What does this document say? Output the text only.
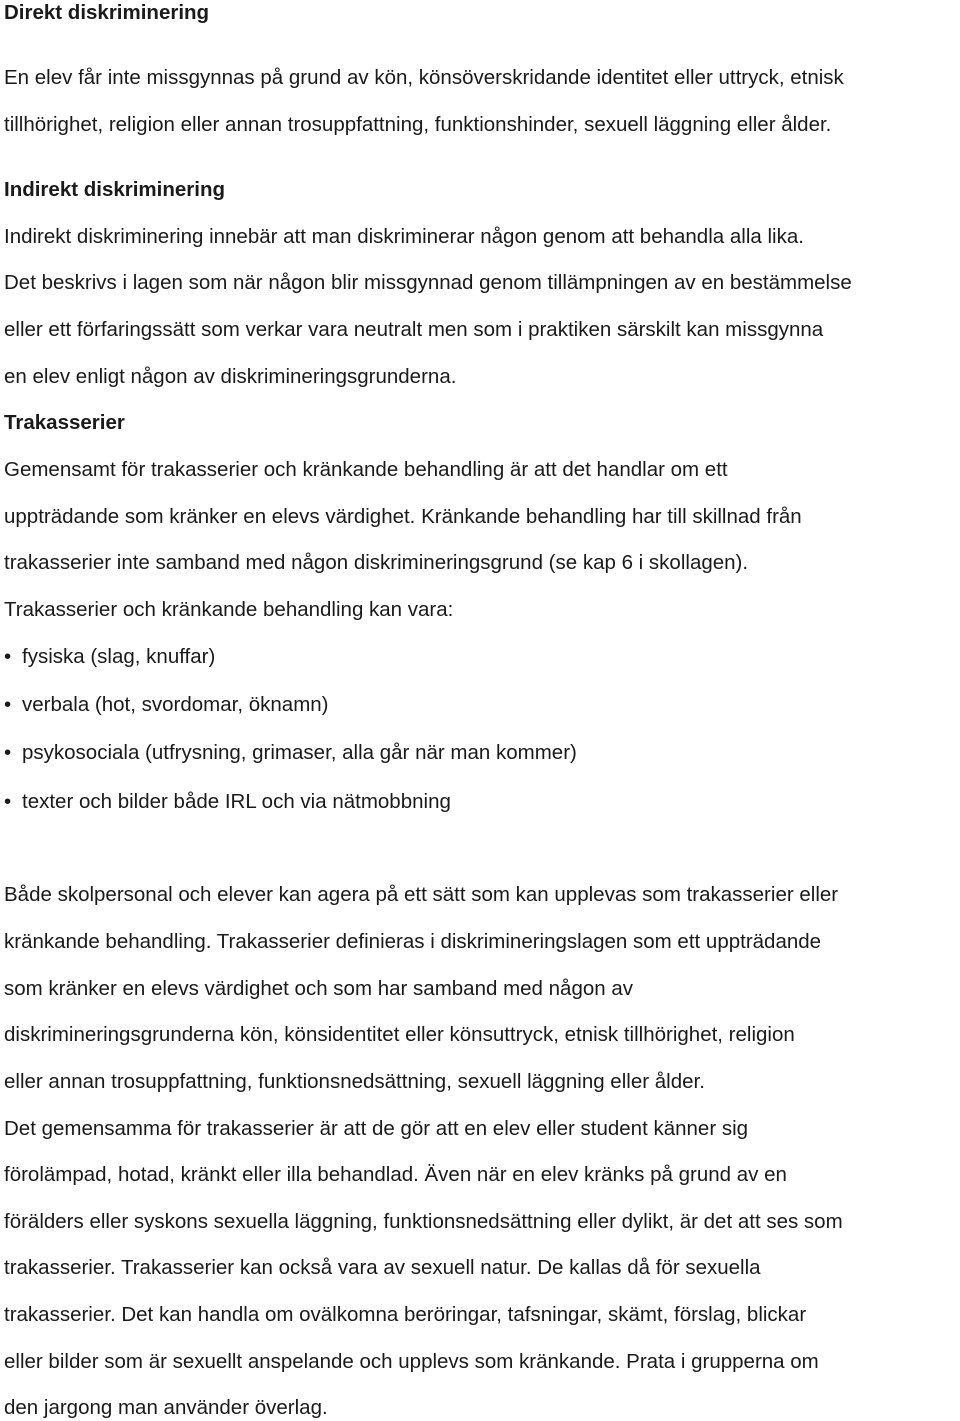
Direkt diskriminering
En elev får inte missgynnas på grund av kön, könsöverskridande identitet eller uttryck, etnisk
tillhörighet, religion eller annan trosuppfattning, funktionshinder, sexuell läggning eller ålder.
Indirekt diskriminering
Indirekt diskriminering innebär att man diskriminerar någon genom att behandla alla lika.
Det beskrivs i lagen som när någon blir missgynnad genom tillämpningen av en bestämmelse
eller ett förfaringssätt som verkar vara neutralt men som i praktiken särskilt kan missgynna
en elev enligt någon av diskrimineringsgrunderna.
Trakasserier
Gemensamt för trakasserier och kränkande behandling är att det handlar om ett
uppträdande som kränker en elevs värdighet. Kränkande behandling har till skillnad från
trakasserier inte samband med någon diskrimineringsgrund (se kap 6 i skollagen).
Trakasserier och kränkande behandling kan vara:
• fysiska (slag, knuffar)
• verbala (hot, svordomar, öknamn)
• psykosociala (utfrysning, grimaser, alla går när man kommer)
• texter och bilder både IRL och via nätmobbning
Både skolpersonal och elever kan agera på ett sätt som kan upplevas som trakasserier eller
kränkande behandling. Trakasserier definieras i diskrimineringslagen som ett uppträdande
som kränker en elevs värdighet och som har samband med någon av
diskrimineringsgrunderna kön, könsidentitet eller könsuttryck, etnisk tillhörighet, religion
eller annan trosuppfattning, funktionsnedsättning, sexuell läggning eller ålder.
Det gemensamma för trakasserier är att de gör att en elev eller student känner sig
förolämpad, hotad, kränkt eller illa behandlad. Även när en elev kränks på grund av en
förälders eller syskons sexuella läggning, funktionsnedsättning eller dylikt, är det att ses som
trakasserier. Trakasserier kan också vara av sexuell natur. De kallas då för sexuella
trakasserier. Det kan handla om ovälkomna beröringar, tafsningar, skämt, förslag, blickar
eller bilder som är sexuellt anspelande och upplevs som kränkande. Prata i grupperna om
den jargong man använder överlag.
